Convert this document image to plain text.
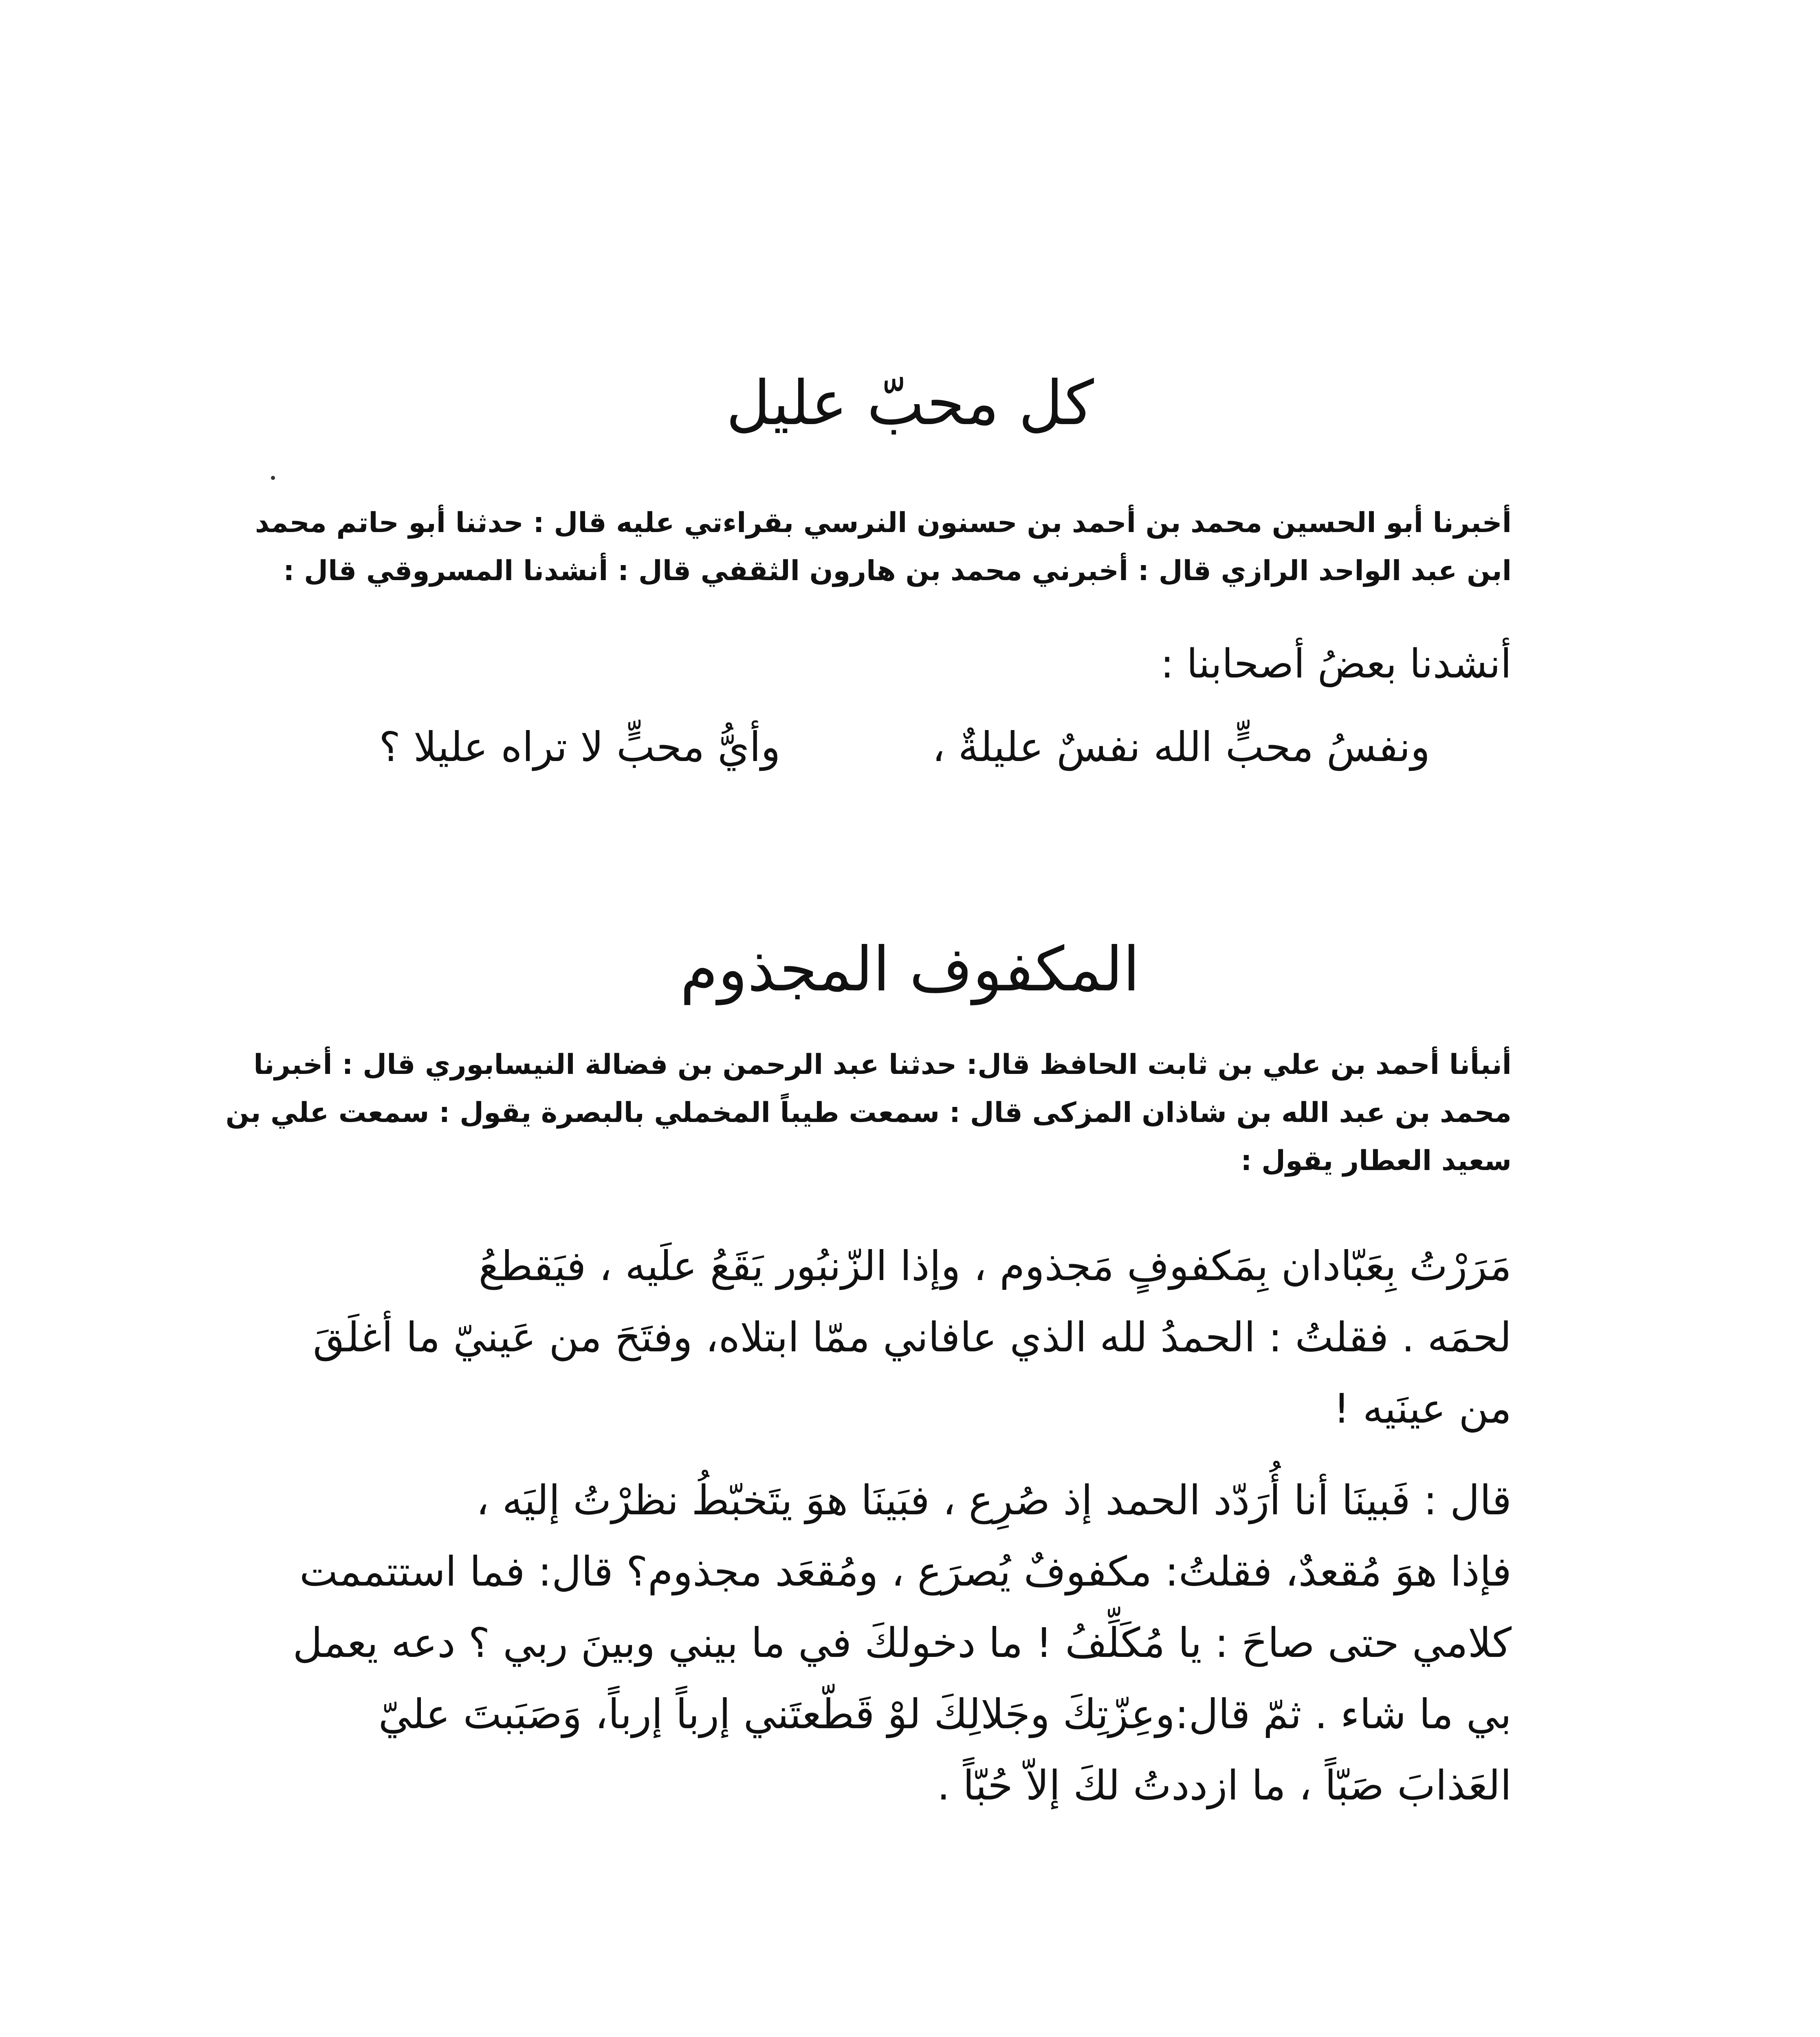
كل محبّ عليل
أخبرنا أبو الحسين محمد بن أحمد بن حسنون النرسي بقراءتي عليه قال : حدثنا أبو حاتم محمد
ابن عبد الواحد الرازي قال : أخبرني محمد بن هارون الثقفي قال : أنشدنا المسروقي قال :
أنشدنا بعضُ أصحابنا :
ونفسُ محبٍّ الله نفسٌ عليلةٌ ،
وأيُّ محبٍّ لا تراه عليلا ؟
المكفوف المجذوم
أنبأنا أحمد بن علي بن ثابت الحافظ قال: حدثنا عبد الرحمن بن فضالة النيسابوري قال : أخبرنا
محمد بن عبد الله بن شاذان المزكى قال : سمعت طيباً المخملي بالبصرة يقول : سمعت علي بن
سعيد العطار يقول :
مَرَرْتُ بِعَبّادان بِمَكفوفٍ مَجذوم ، وإذا الزّنبُور يَقَعُ علَيه ، فيَقطعُ
لحمَه . فقلتُ : الحمدُ لله الذي عافاني ممّا ابتلاه، وفتَحَ من عَينيّ ما أغلَقَ
من عينَيه !
قال : فَبينَا أنا أُرَدّد الحمد إذ صُرِع ، فبَينَا هوَ يتَخبّطُ نظرْتُ إليَه ،
فإذا هوَ مُقعدٌ، فقلتُ: مكفوفٌ يُصرَع ، ومُقعَد مجذوم؟ قال: فما استتممت
كلامي حتى صاحَ : يا مُكَلِّفُ ! ما دخولكَ في ما بيني وبينَ ربي ؟ دعه يعمل
بي ما شاء . ثمّ قال:وعِزّتِكَ وجَلالِكَ لوْ قَطّعتَني إرباً إرباً، وَصَبَبتَ عليّ
العَذابَ صَبّاً ، ما ازددتُ لكَ إلاّ حُبّاً .
